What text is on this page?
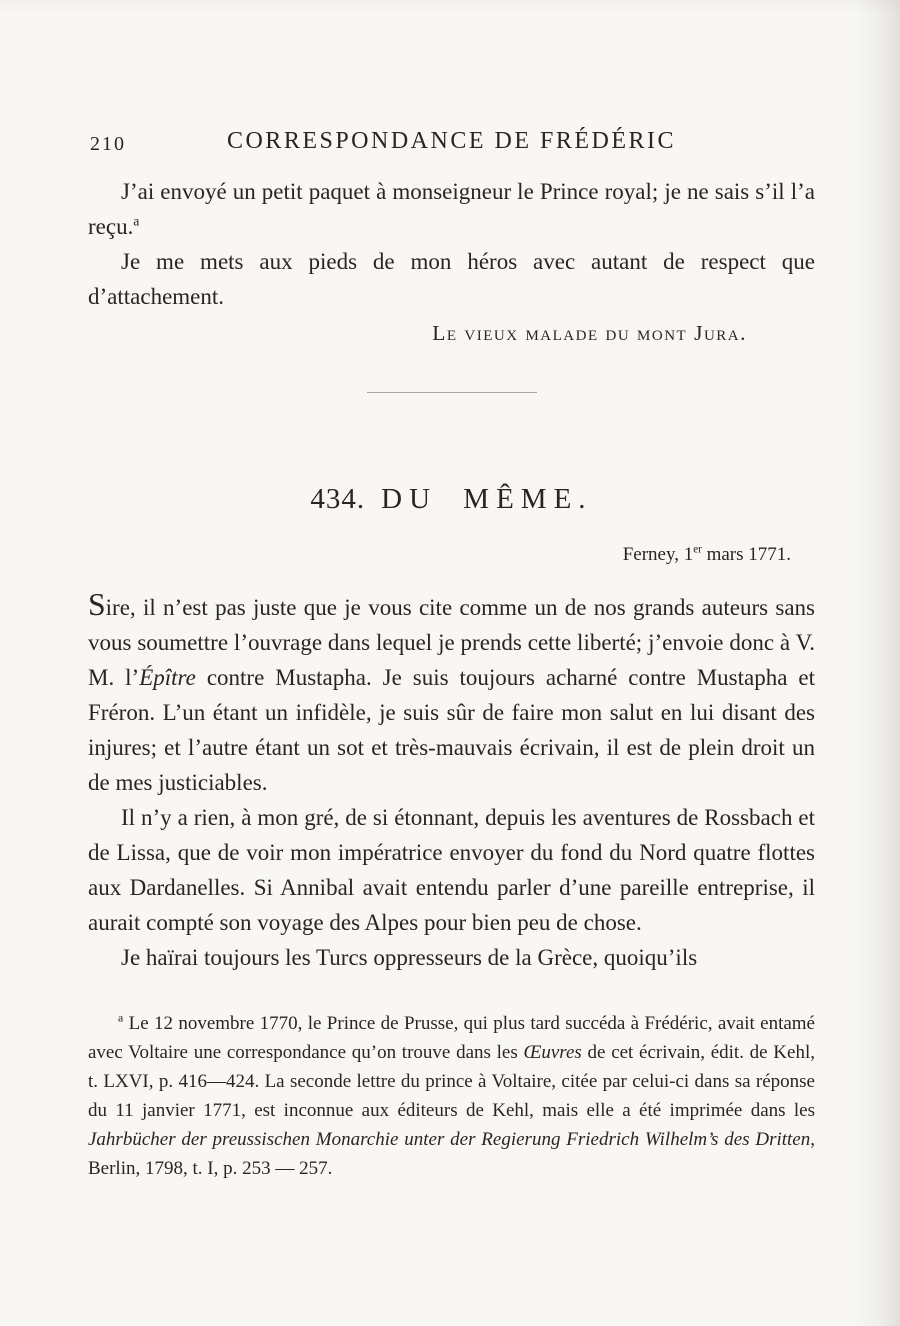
210	CORRESPONDANCE DE FRÉDÉRIC

J’ai envoyé un petit paquet à monseigneur le Prince royal; je ne sais s’il l’a reçu.$^a$

Je me mets aux pieds de mon héros avec autant de respect que d’attachement.

Le vieux malade du mont Jura.
434. DU MÊME.
Ferney, 1er mars 1771.

Sire, il n’est pas juste que je vous cite comme un de nos grands auteurs sans vous soumettre l’ouvrage dans lequel je prends cette liberté; j’envoie donc à V. M. l’Épître contre Mustapha. Je suis toujours acharné contre Mustapha et Fréron. L’un étant un infidèle, je suis sûr de faire mon salut en lui disant des injures; et l’autre étant un sot et très-mauvais écrivain, il est de plein droit un de mes justiciables.

Il n’y a rien, à mon gré, de si étonnant, depuis les aventures de Rossbach et de Lissa, que de voir mon impératrice envoyer du fond du Nord quatre flottes aux Dardanelles. Si Annibal avait entendu parler d’une pareille entreprise, il aurait compté son voyage des Alpes pour bien peu de chose.

Je haïrai toujours les Turcs oppresseurs de la Grèce, quoiqu’ils

$^a$ Le 12 novembre 1770, le Prince de Prusse, qui plus tard succéda à Frédéric, avait entamé avec Voltaire une correspondance qu’on trouve dans les Œuvres de cet écrivain, édit. de Kehl, t. LXVI, p. 416—424. La seconde lettre du prince à Voltaire, citée par celui-ci dans sa réponse du 11 janvier 1771, est inconnue aux éditeurs de Kehl, mais elle a été imprimée dans les Jahrbücher der preussischen Monarchie unter der Regierung Friedrich Wilhelm’s des Dritten, Berlin, 1798, t. I, p. 253 — 257.
